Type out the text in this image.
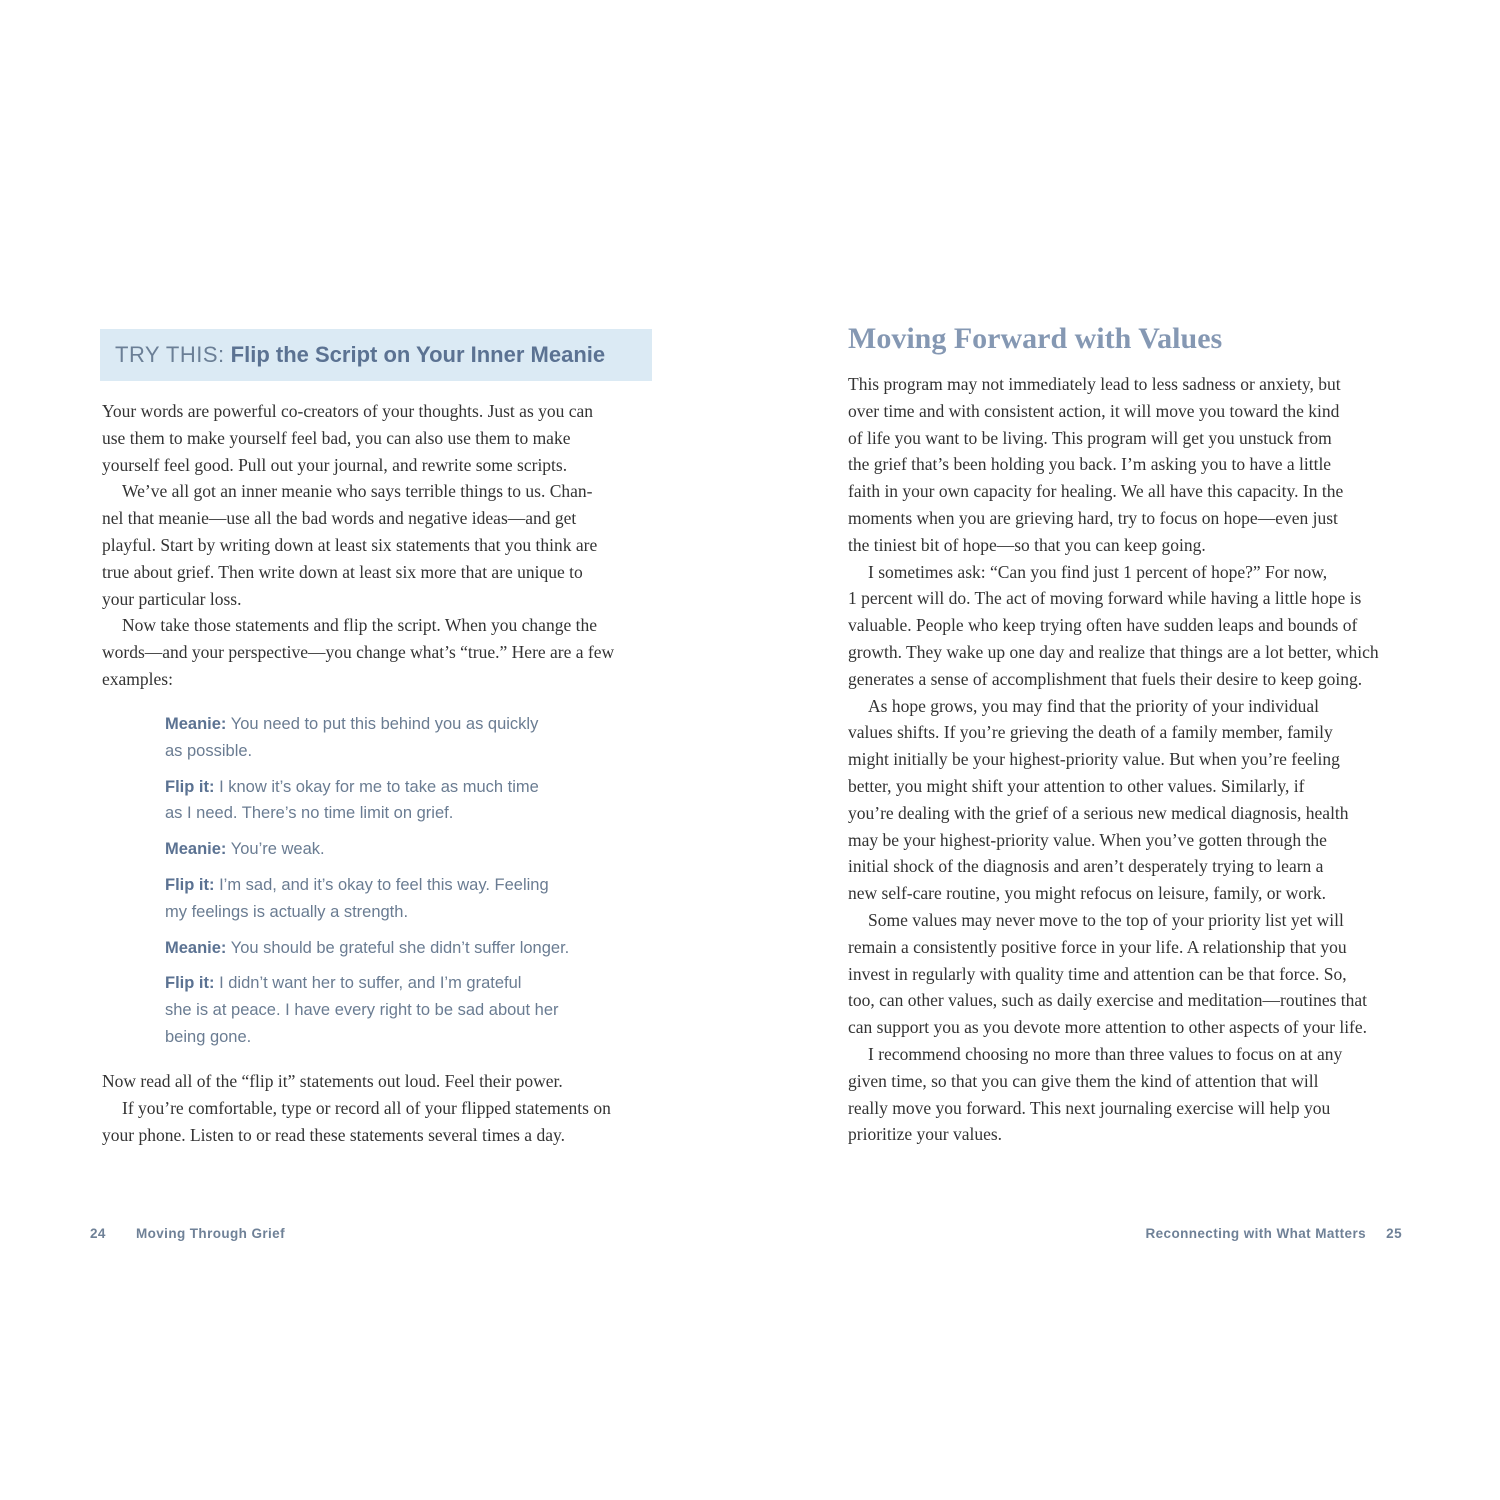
TRY THIS: Flip the Script on Your Inner Meanie
Your words are powerful co-creators of your thoughts. Just as you can
use them to make yourself feel bad, you can also use them to make
yourself feel good. Pull out your journal, and rewrite some scripts.
We’ve all got an inner meanie who says terrible things to us. Chan-
nel that meanie—use all the bad words and negative ideas—and get
playful. Start by writing down at least six statements that you think are
true about grief. Then write down at least six more that are unique to
your particular loss.
Now take those statements and flip the script. When you change the
words—and your perspective—you change what’s “true.” Here are a few
examples:
Meanie: You need to put this behind you as quickly
as possible.
Flip it: I know it’s okay for me to take as much time
as I need. There’s no time limit on grief.
Meanie: You’re weak.
Flip it: I’m sad, and it’s okay to feel this way. Feeling
my feelings is actually a strength.
Meanie: You should be grateful she didn’t suffer longer.
Flip it: I didn’t want her to suffer, and I’m grateful
she is at peace. I have every right to be sad about her
being gone.
Now read all of the “flip it” statements out loud. Feel their power.
If you’re comfortable, type or record all of your flipped statements on
your phone. Listen to or read these statements several times a day.
24 Moving Through Grief
Moving Forward with Values
This program may not immediately lead to less sadness or anxiety, but
over time and with consistent action, it will move you toward the kind
of life you want to be living. This program will get you unstuck from
the grief that’s been holding you back. I’m asking you to have a little
faith in your own capacity for healing. We all have this capacity. In the
moments when you are grieving hard, try to focus on hope—even just
the tiniest bit of hope—so that you can keep going.
I sometimes ask: “Can you find just 1 percent of hope?” For now,
1 percent will do. The act of moving forward while having a little hope is
valuable. People who keep trying often have sudden leaps and bounds of
growth. They wake up one day and realize that things are a lot better, which
generates a sense of accomplishment that fuels their desire to keep going.
As hope grows, you may find that the priority of your individual
values shifts. If you’re grieving the death of a family member, family
might initially be your highest-priority value. But when you’re feeling
better, you might shift your attention to other values. Similarly, if
you’re dealing with the grief of a serious new medical diagnosis, health
may be your highest-priority value. When you’ve gotten through the
initial shock of the diagnosis and aren’t desperately trying to learn a
new self-care routine, you might refocus on leisure, family, or work.
Some values may never move to the top of your priority list yet will
remain a consistently positive force in your life. A relationship that you
invest in regularly with quality time and attention can be that force. So,
too, can other values, such as daily exercise and meditation—routines that
can support you as you devote more attention to other aspects of your life.
I recommend choosing no more than three values to focus on at any
given time, so that you can give them the kind of attention that will
really move you forward. This next journaling exercise will help you
prioritize your values.
Reconnecting with What Matters 25
